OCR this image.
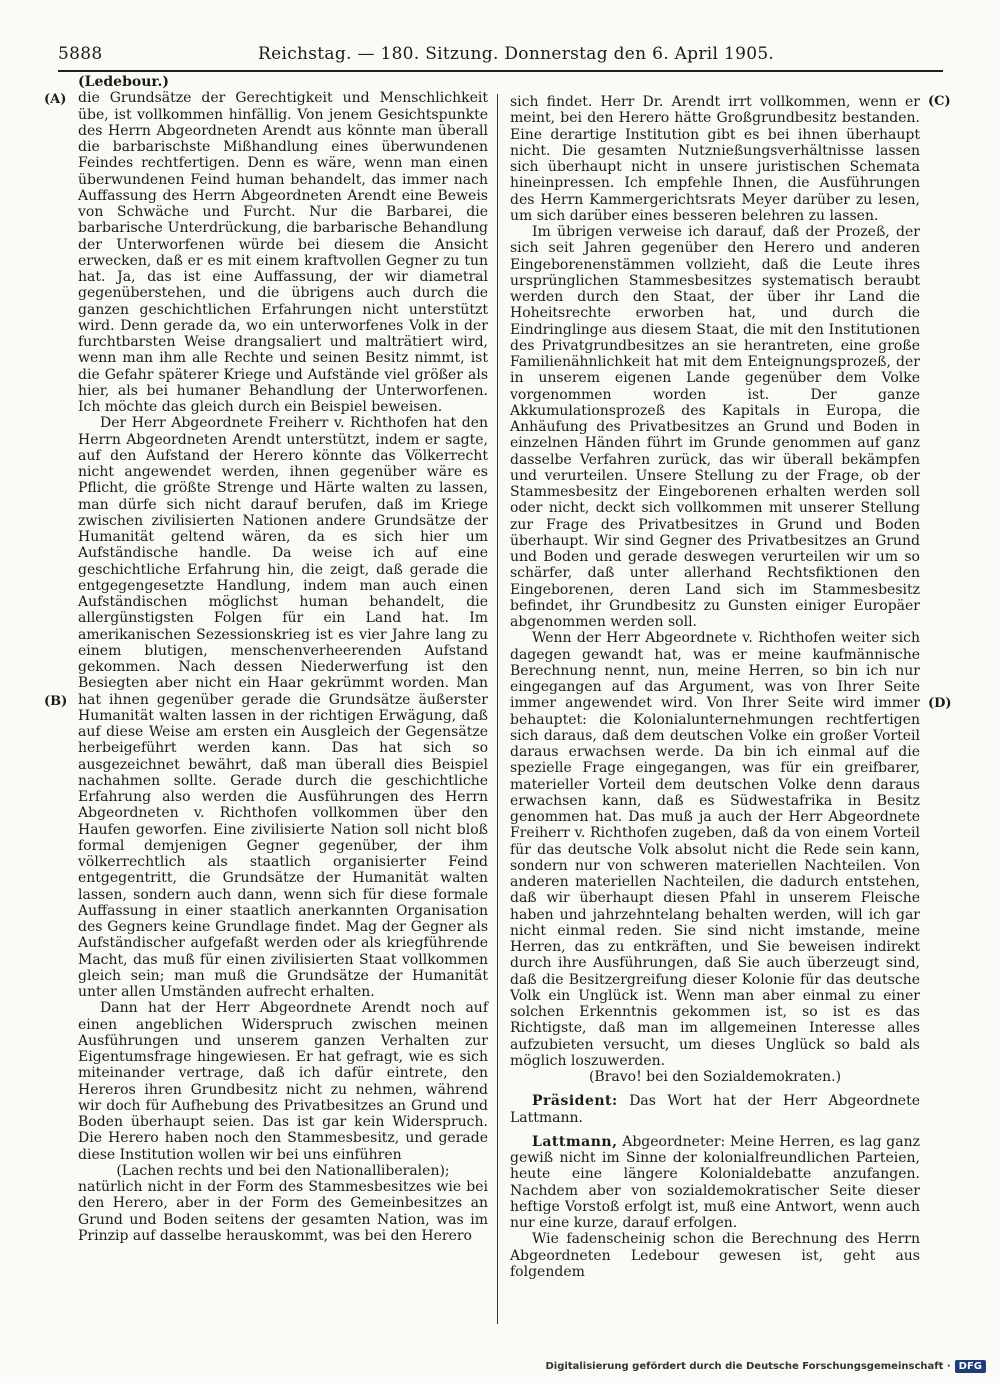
5888	Reichstag. — 180. Sitzung. Donnerstag den 6. April 1905.
(A)
(B)
(C)
(D)

(Ledebour.)

die Grundsätze der Gerechtigkeit und Menschlichkeit übe, ist vollkommen hinfällig. Von jenem Gesichtspunkte des Herrn Abgeordneten Arendt aus könnte man überall die barbarischste Mißhandlung eines überwundenen Feindes rechtfertigen. Denn es wäre, wenn man einen überwundenen Feind human behandelt, das immer nach Auffassung des Herrn Abgeordneten Arendt eine Beweis von Schwäche und Furcht. Nur die Barbarei, die barbarische Unterdrückung, die barbarische Behandlung der Unterworfenen würde bei diesem die Ansicht erwecken, daß er es mit einem kraftvollen Gegner zu tun hat. Ja, das ist eine Auffassung, der wir diametral gegenüberstehen, und die übrigens auch durch die ganzen geschichtlichen Erfahrungen nicht unterstützt wird. Denn gerade da, wo ein unterworfenes Volk in der furchtbarsten Weise drangsaliert und malträtiert wird, wenn man ihm alle Rechte und seinen Besitz nimmt, ist die Gefahr späterer Kriege und Aufstände viel größer als hier, als bei humaner Behandlung der Unterworfenen. Ich möchte das gleich durch ein Beispiel beweisen.

Der Herr Abgeordnete Freiherr v. Richthofen hat den Herrn Abgeordneten Arendt unterstützt, indem er sagte, auf den Aufstand der Herero könnte das Völkerrecht nicht angewendet werden, ihnen gegenüber wäre es Pflicht, die größte Strenge und Härte walten zu lassen, man dürfe sich nicht darauf berufen, daß im Kriege zwischen zivilisierten Nationen andere Grundsätze der Humanität geltend wären, da es sich hier um Aufständische handle. Da weise ich auf eine geschichtliche Erfahrung hin, die zeigt, daß gerade die entgegengesetzte Handlung, indem man auch einen Aufständischen möglichst human behandelt, die allergünstigsten Folgen für ein Land hat. Im amerikanischen Sezessionskrieg ist es vier Jahre lang zu einem blutigen, menschenverheerenden Aufstand gekommen. Nach dessen Niederwerfung ist den Besiegten aber nicht ein Haar gekrümmt worden. Man hat ihnen gegenüber gerade die Grundsätze äußerster Humanität walten lassen in der richtigen Erwägung, daß auf diese Weise am ersten ein Ausgleich der Gegensätze herbeigeführt werden kann. Das hat sich so ausgezeichnet bewährt, daß man überall dies Beispiel nachahmen sollte. Gerade durch die geschichtliche Erfahrung also werden die Ausführungen des Herrn Abgeordneten v. Richthofen vollkommen über den Haufen geworfen. Eine zivilisierte Nation soll nicht bloß formal demjenigen Gegner gegenüber, der ihm völkerrechtlich als staatlich organisierter Feind entgegentritt, die Grundsätze der Humanität walten lassen, sondern auch dann, wenn sich für diese formale Auffassung in einer staatlich anerkannten Organisation des Gegners keine Grundlage findet. Mag der Gegner als Aufständischer aufgefaßt werden oder als kriegführende Macht, das muß für einen zivilisierten Staat vollkommen gleich sein; man muß die Grundsätze der Humanität unter allen Umständen aufrecht erhalten.

Dann hat der Herr Abgeordnete Arendt noch auf einen angeblichen Widerspruch zwischen meinen Ausführungen und unserem ganzen Verhalten zur Eigentumsfrage hingewiesen. Er hat gefragt, wie es sich miteinander vertrage, daß ich dafür eintrete, den Hereros ihren Grundbesitz nicht zu nehmen, während wir doch für Aufhebung des Privatbesitzes an Grund und Boden überhaupt seien. Das ist gar kein Widerspruch. Die Herero haben noch den Stammesbesitz, und gerade diese Institution wollen wir bei uns einführen

(Lachen rechts und bei den Nationalliberalen);

natürlich nicht in der Form des Stammesbesitzes wie bei den Herero, aber in der Form des Gemeinbesitzes an Grund und Boden seitens der gesamten Nation, was im Prinzip auf dasselbe herauskommt, was bei den Herero

sich findet. Herr Dr. Arendt irrt vollkommen, wenn er meint, bei den Herero hätte Großgrundbesitz bestanden. Eine derartige Institution gibt es bei ihnen überhaupt nicht. Die gesamten Nutznießungsverhältnisse lassen sich überhaupt nicht in unsere juristischen Schemata hineinpressen. Ich empfehle Ihnen, die Ausführungen des Herrn Kammergerichtsrats Meyer darüber zu lesen, um sich darüber eines besseren belehren zu lassen.

Im übrigen verweise ich darauf, daß der Prozeß, der sich seit Jahren gegenüber den Herero und anderen Eingeborenenstämmen vollzieht, daß die Leute ihres ursprünglichen Stammesbesitzes systematisch beraubt werden durch den Staat, der über ihr Land die Hoheitsrechte erworben hat, und durch die Eindringlinge aus diesem Staat, die mit den Institutionen des Privatgrundbesitzes an sie herantreten, eine große Familienähnlichkeit hat mit dem Enteignungsprozeß, der in unserem eigenen Lande gegenüber dem Volke vorgenommen worden ist. Der ganze Akkumulationsprozeß des Kapitals in Europa, die Anhäufung des Privatbesitzes an Grund und Boden in einzelnen Händen führt im Grunde genommen auf ganz dasselbe Verfahren zurück, das wir überall bekämpfen und verurteilen. Unsere Stellung zu der Frage, ob der Stammesbesitz der Eingeborenen erhalten werden soll oder nicht, deckt sich vollkommen mit unserer Stellung zur Frage des Privatbesitzes in Grund und Boden überhaupt. Wir sind Gegner des Privatbesitzes an Grund und Boden und gerade deswegen verurteilen wir um so schärfer, daß unter allerhand Rechtsfiktionen den Eingeborenen, deren Land sich im Stammesbesitz befindet, ihr Grundbesitz zu Gunsten einiger Europäer abgenommen werden soll.

Wenn der Herr Abgeordnete v. Richthofen weiter sich dagegen gewandt hat, was er meine kaufmännische Berechnung nennt, nun, meine Herren, so bin ich nur eingegangen auf das Argument, was von Ihrer Seite immer angewendet wird. Von Ihrer Seite wird immer behauptet: die Kolonialunternehmungen rechtfertigen sich daraus, daß dem deutschen Volke ein großer Vorteil daraus erwachsen werde. Da bin ich einmal auf die spezielle Frage eingegangen, was für ein greifbarer, materieller Vorteil dem deutschen Volke denn daraus erwachsen kann, daß es Südwestafrika in Besitz genommen hat. Das muß ja auch der Herr Abgeordnete Freiherr v. Richthofen zugeben, daß da von einem Vorteil für das deutsche Volk absolut nicht die Rede sein kann, sondern nur von schweren materiellen Nachteilen. Von anderen materiellen Nachteilen, die dadurch entstehen, daß wir überhaupt diesen Pfahl in unserem Fleische haben und jahrzehntelang behalten werden, will ich gar nicht einmal reden. Sie sind nicht imstande, meine Herren, das zu entkräften, und Sie beweisen indirekt durch ihre Ausführungen, daß Sie auch überzeugt sind, daß die Besitzergreifung dieser Kolonie für das deutsche Volk ein Unglück ist. Wenn man aber einmal zu einer solchen Erkenntnis gekommen ist, so ist es das Richtigste, daß man im allgemeinen Interesse alles aufzubieten versucht, um dieses Unglück so bald als möglich loszuwerden.

(Bravo! bei den Sozialdemokraten.)

Präsident: Das Wort hat der Herr Abgeordnete Lattmann.

Lattmann, Abgeordneter: Meine Herren, es lag ganz gewiß nicht im Sinne der kolonialfreundlichen Parteien, heute eine längere Kolonialdebatte anzufangen. Nachdem aber von sozialdemokratischer Seite dieser heftige Vorstoß erfolgt ist, muß eine Antwort, wenn auch nur eine kurze, darauf erfolgen.

Wie fadenscheinig schon die Berechnung des Herrn Abgeordneten Ledebour gewesen ist, geht aus folgendem

Digitalisierung gefördert durch die Deutsche Forschungsgemeinschaft · DFG
